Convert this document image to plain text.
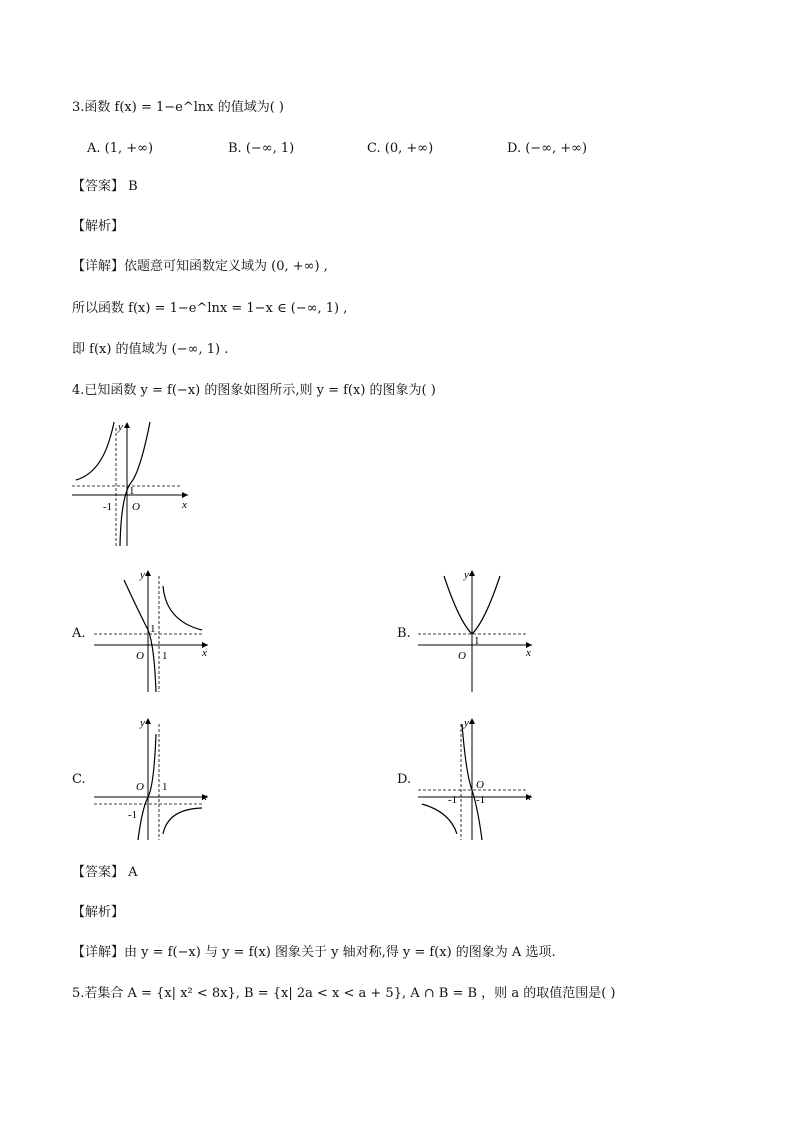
3.函数 f(x) = 1−e^lnx 的值域为( )
A. (1, +∞)	B. (−∞, 1)	C. (0, +∞)	D. (−∞, +∞)
【答案】 B
【解析】
【详解】依题意可知函数定义域为 (0, +∞) ,
所以函数 f(x) = 1−e^lnx = 1−x ∈ (−∞, 1) ,
即 f(x) 的值域为 (−∞, 1) .
4.已知函数 y = f(−x) 的图象如图所示,则 y = f(x) 的图象为( )
y
x
O
1
-1
A.
y
x
O
1
1
B.
y
x
O
1
C.
y
x
O 1
-1
D.
y
x
O
-1 -1
【答案】 A
【解析】
【详解】由 y = f(−x) 与 y = f(x) 图象关于 y 轴对称,得 y = f(x) 的图象为 A 选项.
5.若集合 A = {x| x² < 8x}, B = {x| 2a < x < a + 5}, A ∩ B = B ，则 a 的取值范围是( )
